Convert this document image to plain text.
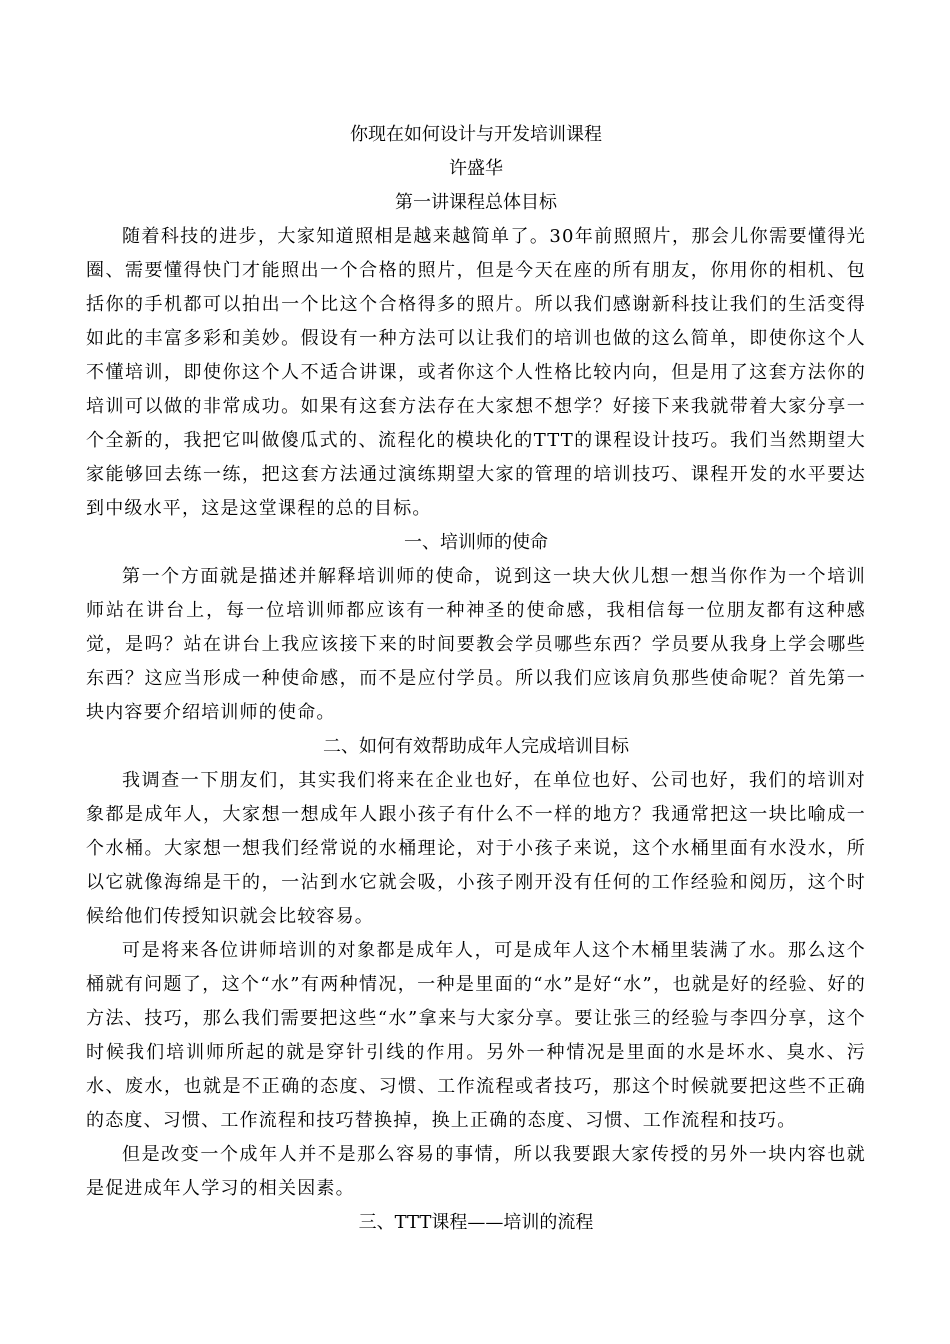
你现在如何设计与开发培训课程

许盛华

第一讲课程总体目标

随着科技的进步，大家知道照相是越来越简单了。30年前照照片，那会儿你需要懂得光圈、需要懂得快门才能照出一个合格的照片，但是今天在座的所有朋友，你用你的相机、包括你的手机都可以拍出一个比这个合格得多的照片。所以我们感谢新科技让我们的生活变得如此的丰富多彩和美妙。假设有一种方法可以让我们的培训也做的这么简单，即使你这个人不懂培训，即使你这个人不适合讲课，或者你这个人性格比较内向，但是用了这套方法你的培训可以做的非常成功。如果有这套方法存在大家想不想学？好接下来我就带着大家分享一个全新的，我把它叫做傻瓜式的、流程化的模块化的TTT的课程设计技巧。我们当然期望大家能够回去练一练，把这套方法通过演练期望大家的管理的培训技巧、课程开发的水平要达到中级水平，这是这堂课程的总的目标。

一、培训师的使命

第一个方面就是描述并解释培训师的使命，说到这一块大伙儿想一想当你作为一个培训师站在讲台上，每一位培训师都应该有一种神圣的使命感，我相信每一位朋友都有这种感觉，是吗？站在讲台上我应该接下来的时间要教会学员哪些东西？学员要从我身上学会哪些东西？这应当形成一种使命感，而不是应付学员。所以我们应该肩负那些使命呢？首先第一块内容要介绍培训师的使命。

二、如何有效帮助成年人完成培训目标

我调查一下朋友们，其实我们将来在企业也好，在单位也好、公司也好，我们的培训对象都是成年人，大家想一想成年人跟小孩子有什么不一样的地方？我通常把这一块比喻成一个水桶。大家想一想我们经常说的水桶理论，对于小孩子来说，这个水桶里面有水没水，所以它就像海绵是干的，一沾到水它就会吸，小孩子刚开没有任何的工作经验和阅历，这个时候给他们传授知识就会比较容易。

可是将来各位讲师培训的对象都是成年人，可是成年人这个木桶里装满了水。那么这个桶就有问题了，这个“水”有两种情况，一种是里面的“水”是好“水”，也就是好的经验、好的方法、技巧，那么我们需要把这些“水”拿来与大家分享。要让张三的经验与李四分享，这个时候我们培训师所起的就是穿针引线的作用。另外一种情况是里面的水是坏水、臭水、污水、废水，也就是不正确的态度、习惯、工作流程或者技巧，那这个时候就要把这些不正确的态度、习惯、工作流程和技巧替换掉，换上正确的态度、习惯、工作流程和技巧。

但是改变一个成年人并不是那么容易的事情，所以我要跟大家传授的另外一块内容也就是促进成年人学习的相关因素。

三、TTT课程——培训的流程
